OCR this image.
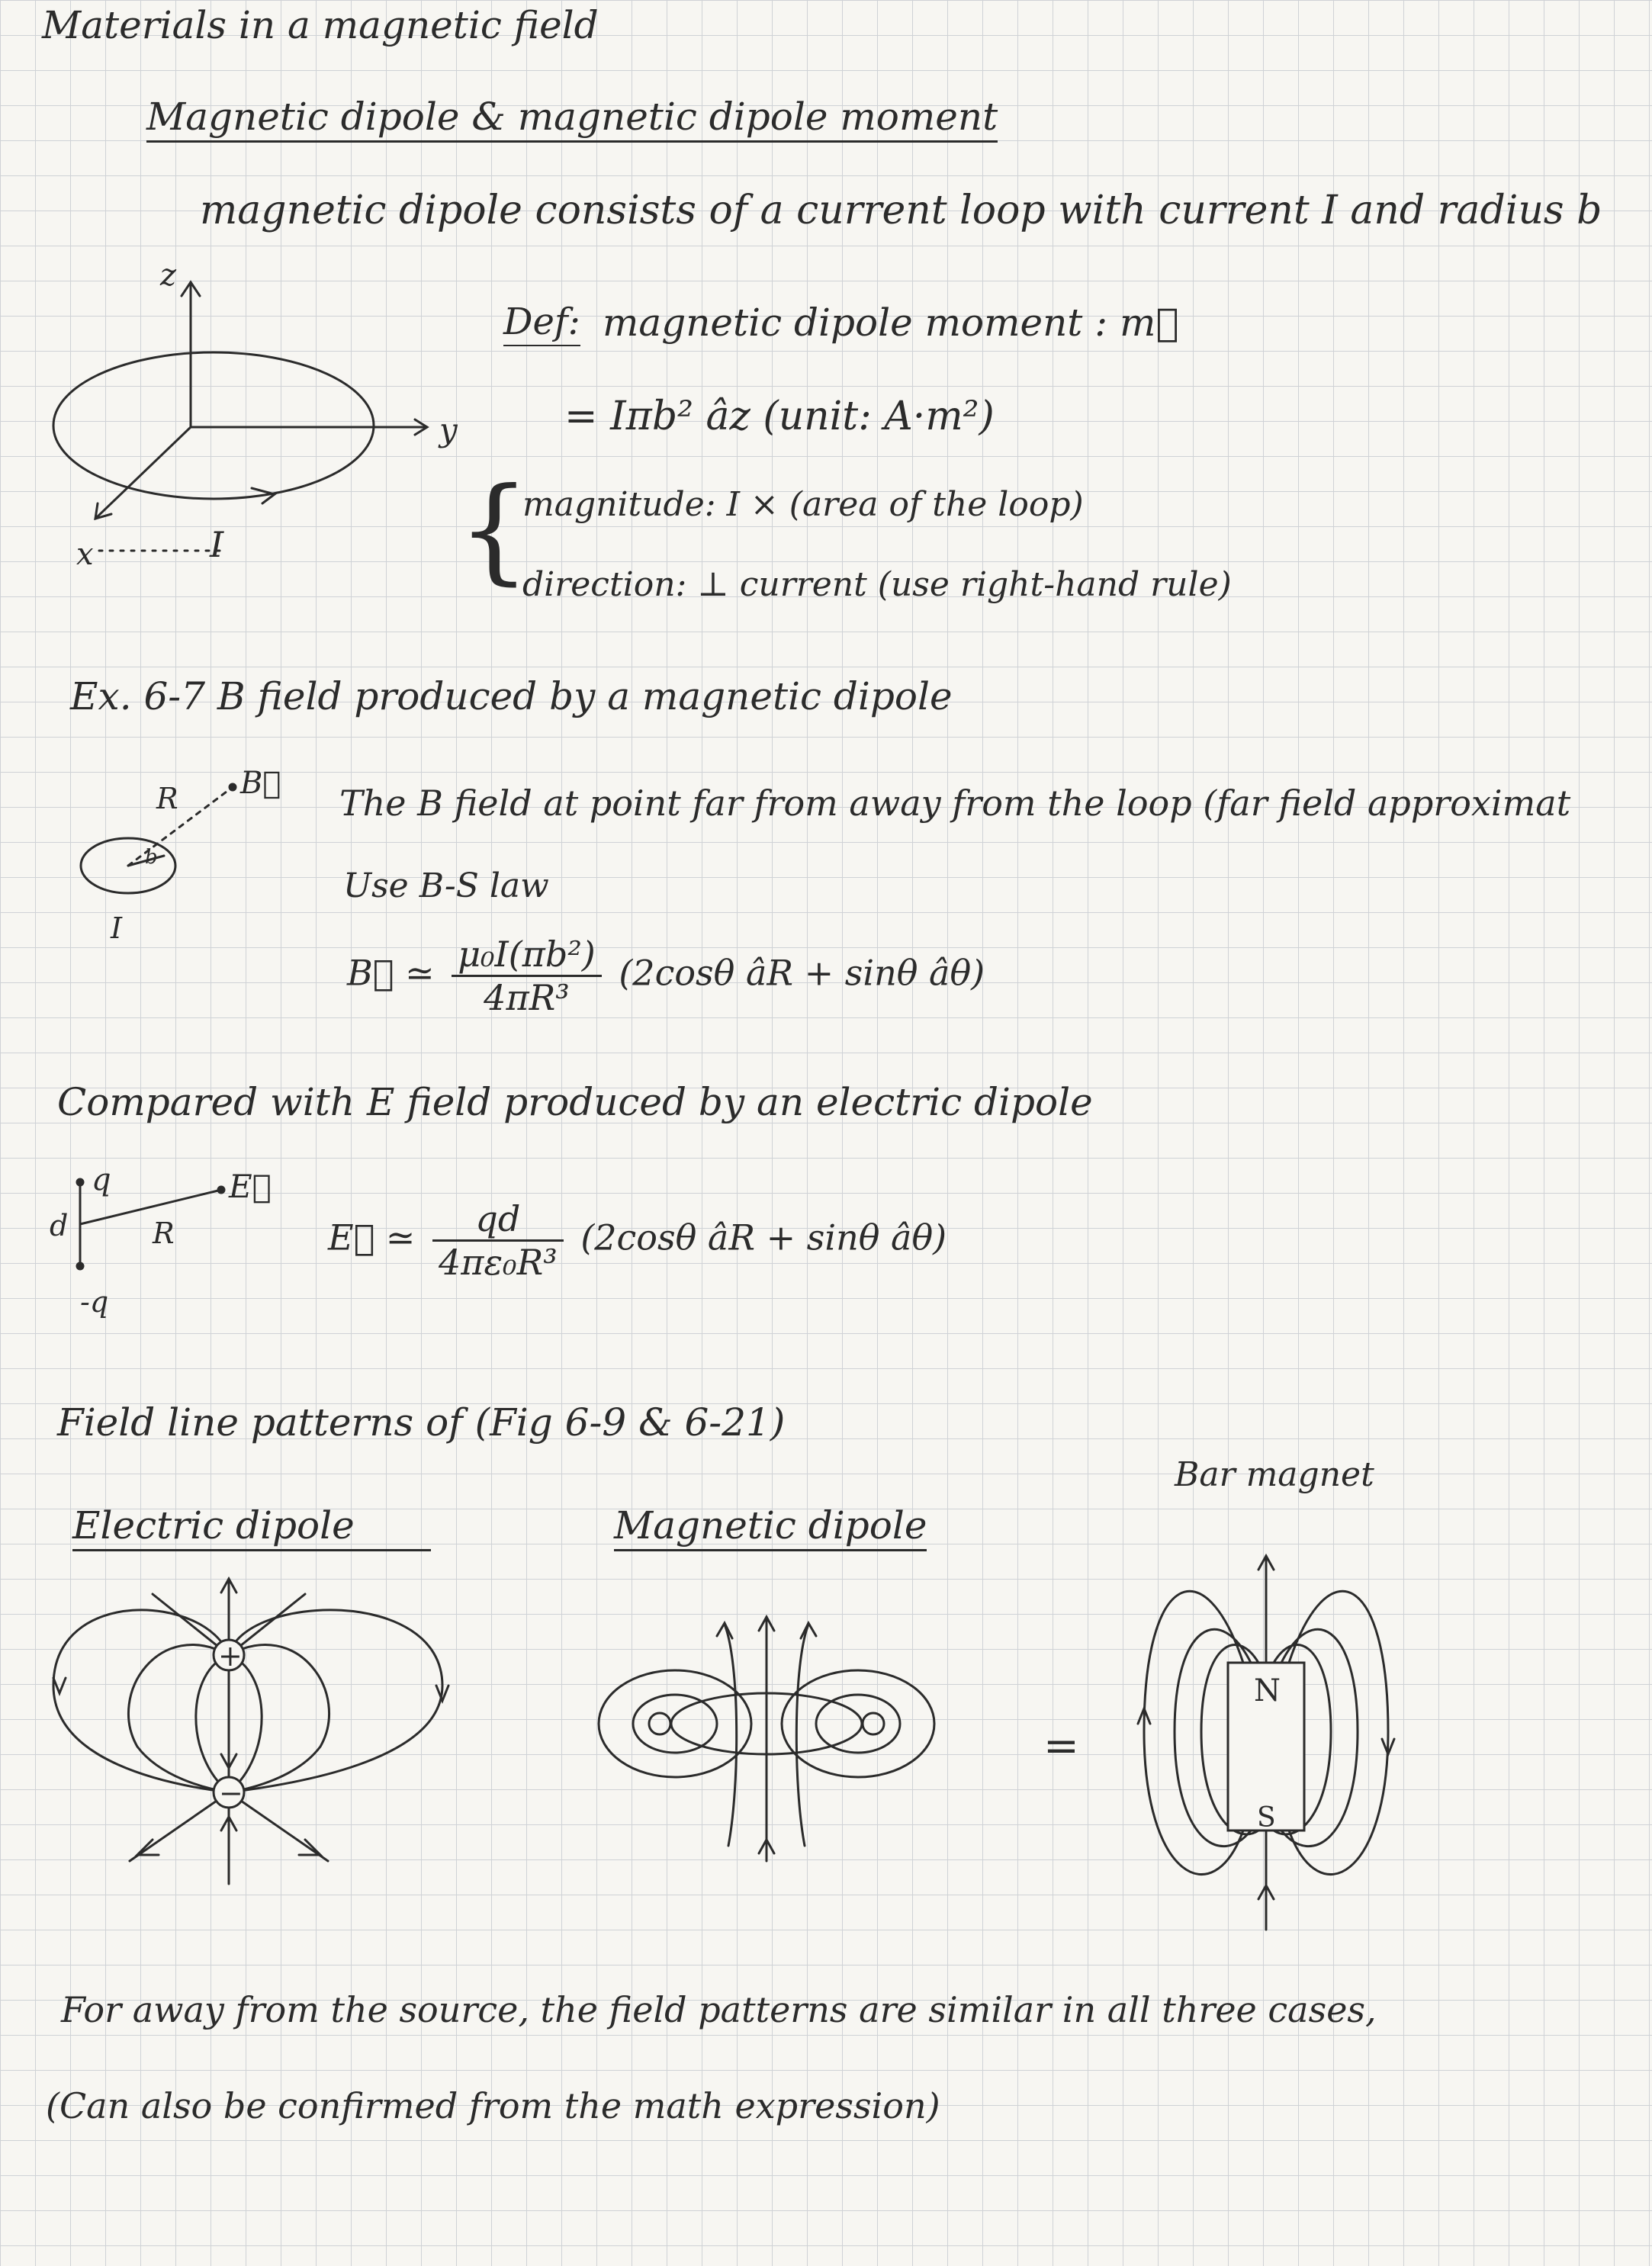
Materials in a magnetic field
Magnetic dipole & magnetic dipole moment
magnetic dipole consists of a current loop with current I and radius b
z
y
x	I
Def: magnetic dipole moment : m⃗
= Iπb² âz (unit: A·m²)
{
magnitude: I × (area of the loop)
direction: ⊥ current (use right-hand rule)
Ex. 6-7 B field produced by a magnetic dipole
R B⃗
b
I
The B field at point far from away from the loop (far field approximat
Use B-S law
B⃗ ≃ $\frac{\text{μ₀I(πb²)}}{\text{4πR³}} (2\cos\theta$ âR + sinθ âθ)
Compared with E field produced by an electric dipole
q
-q
d	R
E⃗
E⃗ ≃ $\frac{qd}{\text{4πε₀R³}} (2\cos\theta$ âR + sinθ âθ)
Field line patterns of (Fig 6-9 & 6-21)
Bar magnet
Electric dipole	Magnetic dipole
+
−
=
N
S
For away from the source, the field patterns are similar in all three cases,
(Can also be confirmed from the math expression)
